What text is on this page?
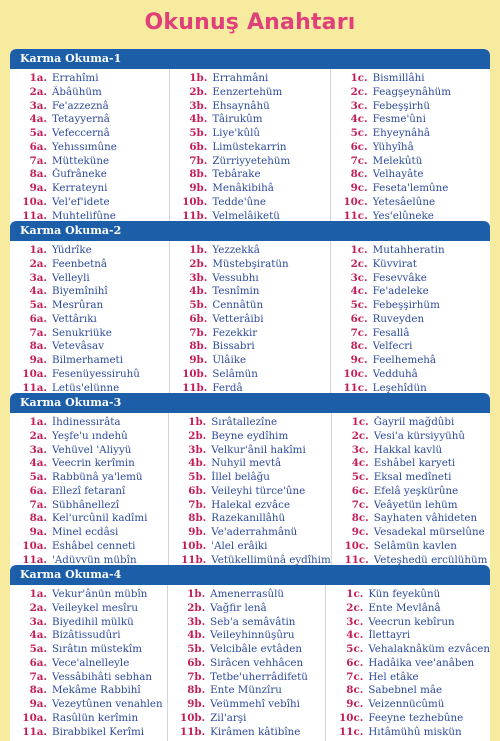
Okunuş Anahtarı
Karma Okuma-1
1a. Errahîmi
2a. Âbâühüm
3a. Fe'azzeznâ
4a. Tetayyernâ
5a. Vefeccernâ
6a. Yehıssımûne
7a. Mütteküne
8a. Ğufrâneke
9a. Kerrateyni
10a. Vel'ef'idete
11a. Muhtelifûne
1b. Errahmâni
2b. Eenzertehüm
3b. Ehsaynâhü
4b. Tâirukûm
5b. Liye'kûlû
6b. Limüstekarrin
7b. Zürriyyetehüm
8b. Tebârake
9b. Menâkibihâ
10b. Tedde'ûne
11b. Velmelâiketü
1c. Bismillâhi
2c. Feagşeynâhüm
3c. Febeşşirhü
4c. Fesme'ûni
5c. Ehyeynâhâ
6c. Yühyîhâ
7c. Melekûtü
8c. Velhayâte
9c. Feseta'lemûne
10c. Yetesâelûne
11c. Yes'elûneke
Karma Okuma-2
1a. Yüdrîke
2a. Feenbetnâ
3a. Velleyli
4a. Biyemînihî
5a. Mesrûran
6a. Vettârıkı
7a. Senukriüke
8a. Vetevâsav
9a. Bilmerhameti
10a. Fesenüyessiruhû
11a. Letüs'elünne
1b. Yezzekkâ
2b. Müstebşiratün
3b. Vessubhı
4b. Tesnîmin
5b. Cennâtün
6b. Vetterâibi
7b. Fezekkir
8b. Bissabri
9b. Ûlâike
10b. Selâmün
11b. Ferdâ
1c. Mutahheratin
2c. Küvvirat
3c. Fesevvâke
4c. Fe'adeleke
5c. Febeşşirhüm
6c. Ruveyden
7c. Fesallâ
8c. Velfecri
9c. Feelhemehâ
10c. Vedduhâ
11c. Leşehîdün
Karma Okuma-3
1a. İhdinessırâta
2a. Yeşfe'u ındehû
3a. Vehüvel 'Aliyyü
4a. Veecrin kerîmin
5a. Rabbünâ ya'lemü
6a. Ellezî fetaranî
7a. Sübhânellezî
8a. Kel'urcûnil kadîmi
9a. Minel ecdâsi
10a. Eshâbel cenneti
11a. 'Adüvvün mübîn
1b. Sırâtallezîne
2b. Beyne eydîhim
3b. Velkur'ânil hakîmi
4b. Nuhyil mevtâ
5b. İllel belâğu
6b. Veileyhi türce'ûne
7b. Halekal ezvâce
8b. Razekanıllâhü
9b. Ve'aderrahmânü
10b. 'Alel erâiki
11b. Vetükellimünâ eydîhim
1c. Ğayril mağdûbi
2c. Vesi'a kürsiyyühû
3c. Hakkal kavlü
4c. Eshâbel karyeti
5c. Eksal medîneti
6c. Efelâ yeşkürûne
7c. Veâyetün lehüm
8c. Sayhaten vâhideten
9c. Vesadekal mürselûne
10c. Selâmün kavlen
11c. Veteşhedü ercülühüm
Karma Okuma-4
1a. Vekur'ânün mübîn
2a. Veileykel mesîru
3a. Biyedihil mülkü
4a. Bizâtissudûri
5a. Sırâtın müstekîm
6a. Vece'alnelleyle
7a. Vessâbihâti sebhan
8a. Mekâme Rabbihî
9a. Vezeytûnen venahlen
10a. Rasûlün kerîmin
11a. Birabbikel Kerîmi
1b. Amenerrasûlü
2b. Vağfir lenâ
3b. Seb'a semâvâtin
4b. Veileyhinnüşûru
5b. Velcibâle evtâden
6b. Sirâcen vehhâcen
7b. Tetbe'uherrâdifetü
8b. Ente Münzîru
9b. Veümmehî vebîhi
10b. Zil'arşi
11b. Kirâmen kâtibîne
1c. Kün feyekûnü
2c. Ente Mevlânâ
3c. Veecrun kebîrun
4c. İlettayri
5c. Vehalaknâküm ezvâcen
6c. Hadâika vee'anâben
7c. Hel etâke
8c. Sabebnel mâe
9c. Veizennücûmü
10c. Feeyne tezhebûne
11c. Hıtâmühû miskün
